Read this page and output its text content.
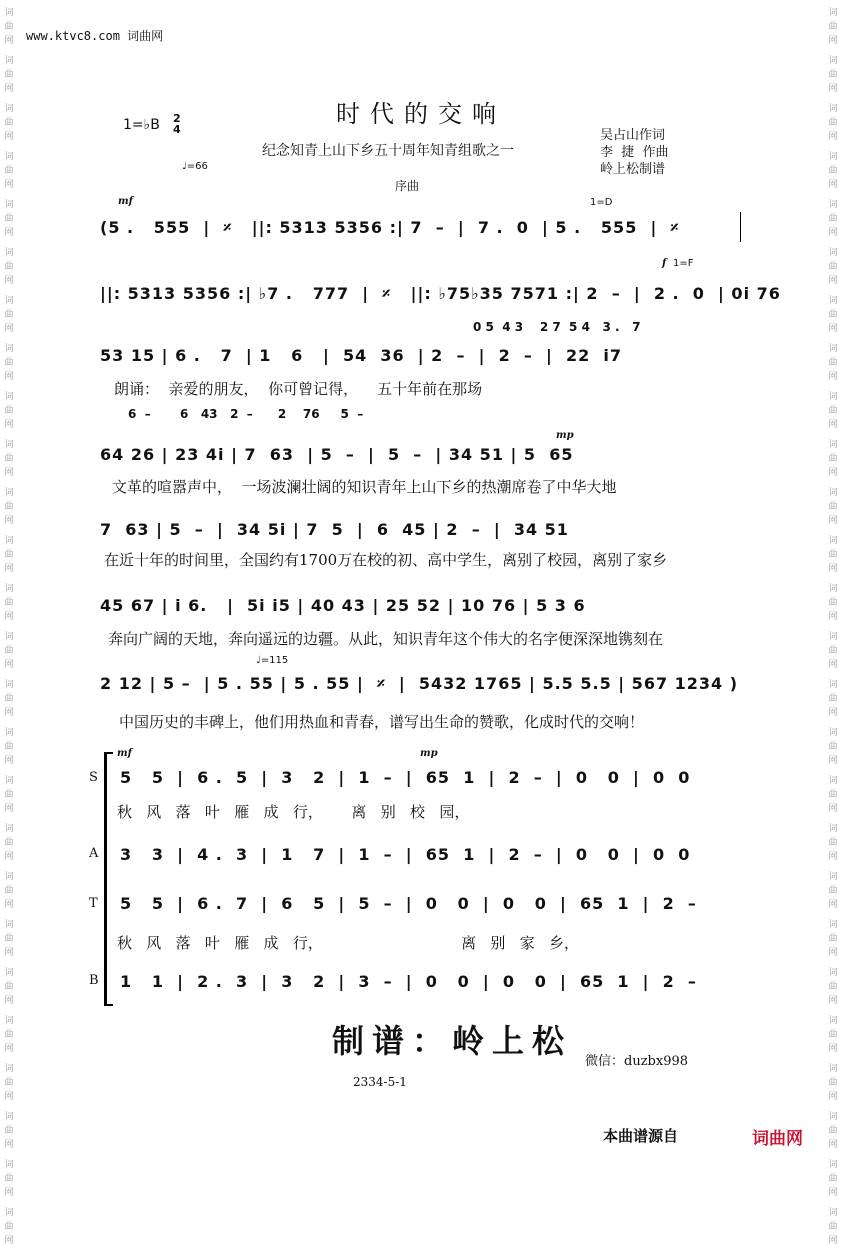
词
曲
网
词
曲
网
词
曲
网
词
曲
网
词
曲
网
词
曲
网
词
曲
网
词
曲
网
词
曲
网
词
曲
网
词
曲
网
词
曲
网
词
曲
网
词
曲
网
词
曲
网
词
曲
网
词
曲
网
词
曲
网
词
曲
网
词
曲
网
词
曲
网
词
曲
网
词
曲
网
词
曲
网
词
曲
网
词
曲
网
词
曲
网
词
曲
网
词
曲
网
词
曲
网
词
曲
网
词
曲
网
词
曲
网
词
曲
网
词
曲
网
词
曲
网
词
曲
网
词
曲
网
词
曲
网
词
曲
网
词
曲
网
词
曲
网
词
曲
网
词
曲
网
词
曲
网
词
曲
网
词
曲
网
词
曲
网
词
曲
网
词
曲
网
词
曲
网
词
曲
网
www.ktvc8.com 词曲网
时代的交响
纪念知青上山下乡五十周年知青组歌之一
吴占山作词
李  捷  作曲
岭上松制谱
1=♭B 2
4
♩=66
序曲
mf	1=D
(5 .   555  |  𝄎   ||: 5313 5356 :| 7  –  |  7 .  0  | 5 .   555  |  𝄎
f 1=F
||: 5313 5356 :| ♭7 .   777  |  𝄎   ||: ♭75♭35 7571 :| 2  –  |  2 .  0  | 0i 76
0 5  4 3    2 7  5 4   3 .   7
53 15 | 6 .   7  | 1   6   |  54  36  | 2  –  |  2  –  |  22  i7
朗诵：  亲爱的朋友，  你可曾记得，    五十年前在那场
6  –       6   43   2  –      2    76     5  –
mp
64 26 | 23 4i | 7  63  | 5  –  |  5  –  | 34 51 | 5  65
文革的喧嚣声中，  一场波澜壮阔的知识青年上山下乡的热潮席卷了中华大地
7  63 | 5  –  |  34 5i | 7  5  |  6  45 | 2  –  |  34 51
在近十年的时间里，全国约有1700万在校的初、高中学生，离别了校园，离别了家乡
45 67 | i 6.   |  5i i5 | 40 43 | 25 52 | 10 76 | 5 3 6
奔向广阔的天地，奔向遥远的边疆。从此，知识青年这个伟大的名字便深深地镌刻在
♩=115
2 12 | 5 –  | 5 . 55 | 5 . 55 |  𝄎  |  5432 1765 | 5.5 5.5 | 567 1234 )
中国历史的丰碑上，他们用热血和青春，谱写出生命的赞歌，化成时代的交响！
mf	mp
S 5   5  |  6 .  5  |  3   2  |  1  –  |  65  1  |  2  –  |  0   0  |  0  0
秋   风   落   叶   雁   成   行，      离   别   校   园，
A 3   3  |  4 .  3  |  1   7  |  1  –  |  65  1  |  2  –  |  0   0  |  0  0
T 5   5  |  6 .  7  |  6   5  |  5  –  |  0   0  |  0   0  |  65  1  |  2  –
秋   风   落   叶   雁   成   行，                             离   别   家   乡，
B 1   1  |  2 .  3  |  3   2  |  3  –  |  0   0  |  0   0  |  65  1  |  2  –
制谱：岭上松
微信：duzbx998
2334-5-1
本曲谱源自	词曲网
